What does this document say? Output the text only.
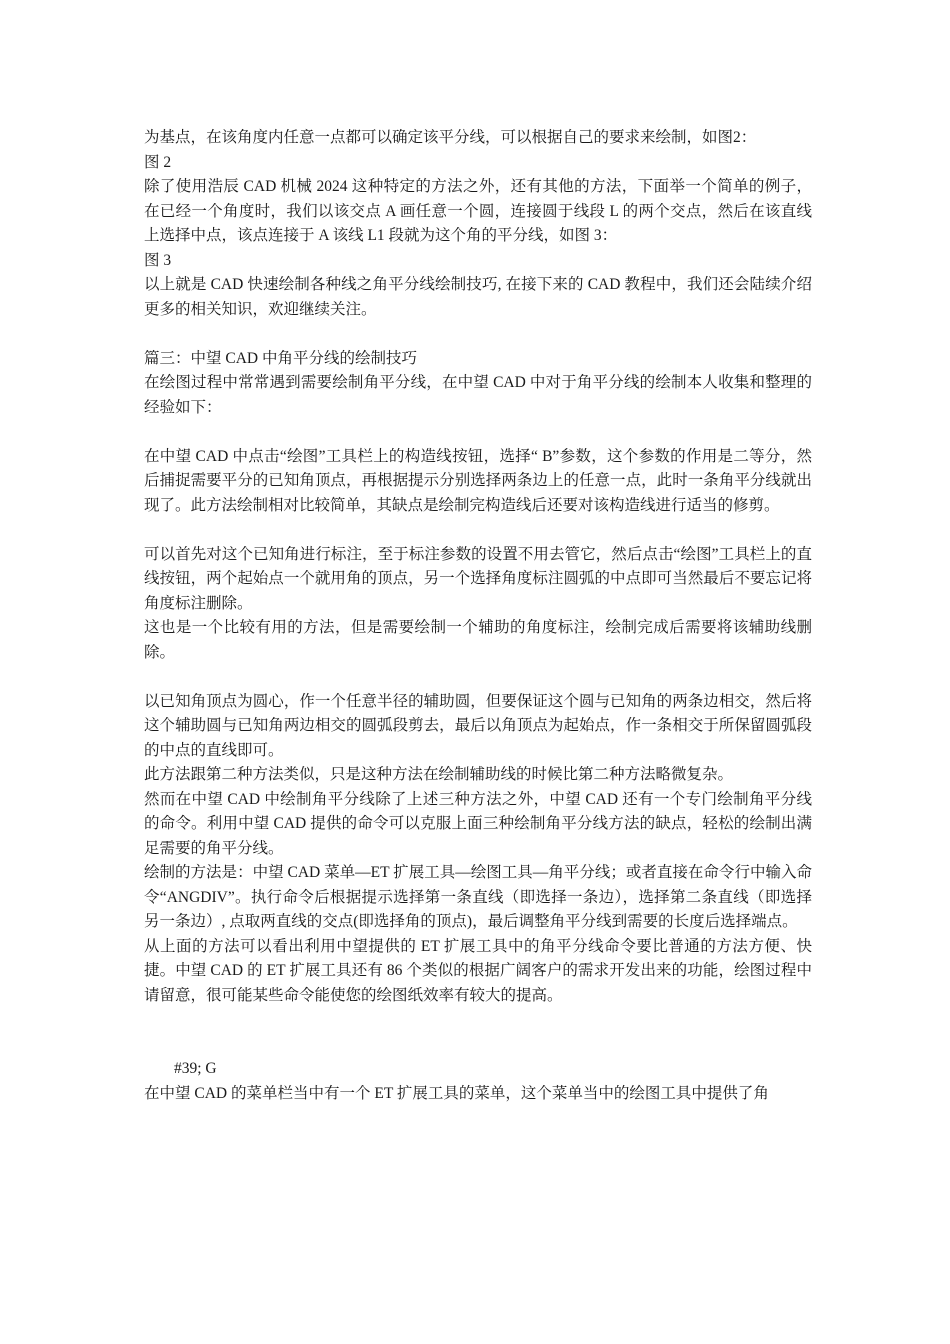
为基点，在该角度内任意一点都可以确定该平分线，可以根据自己的要求来绘制，如图2：

图 2

除了使用浩辰 CAD 机械 2024 这种特定的方法之外，还有其他的方法，下面举一个简单的例子，在已经一个角度时，我们以该交点 A 画任意一个圆，连接圆于线段 L 的两个交点，然后在该直线上选择中点，该点连接于 A 该线 L1 段就为这个角的平分线，如图 3：

图 3

以上就是 CAD 快速绘制各种线之角平分线绘制技巧, 在接下来的 CAD 教程中，我们还会陆续介绍更多的相关知识，欢迎继续关注。

篇三：中望 CAD 中角平分线的绘制技巧

在绘图过程中常常遇到需要绘制角平分线，在中望 CAD 中对于角平分线的绘制本人收集和整理的经验如下：

在中望 CAD 中点击“绘图”工具栏上的构造线按钮，选择“ B”参数，这个参数的作用是二等分，然后捕捉需要平分的已知角顶点，再根据提示分别选择两条边上的任意一点，此时一条角平分线就出现了。此方法绘制相对比较简单，其缺点是绘制完构造线后还要对该构造线进行适当的修剪。

可以首先对这个已知角进行标注，至于标注参数的设置不用去管它，然后点击“绘图”工具栏上的直线按钮，两个起始点一个就用角的顶点，另一个选择角度标注圆弧的中点即可当然最后不要忘记将角度标注删除。

这也是一个比较有用的方法，但是需要绘制一个辅助的角度标注，绘制完成后需要将该辅助线删除。

以已知角顶点为圆心，作一个任意半径的辅助圆，但要保证这个圆与已知角的两条边相交，然后将这个辅助圆与已知角两边相交的圆弧段剪去，最后以角顶点为起始点，作一条相交于所保留圆弧段的中点的直线即可。

此方法跟第二种方法类似，只是这种方法在绘制辅助线的时候比第二种方法略微复杂。

然而在中望 CAD 中绘制角平分线除了上述三种方法之外，中望 CAD 还有一个专门绘制角平分线的命令。利用中望 CAD 提供的命令可以克服上面三种绘制角平分线方法的缺点，轻松的绘制出满足需要的角平分线。

绘制的方法是：中望 CAD 菜单—ET 扩展工具—绘图工具—角平分线；或者直接在命令行中输入命令“ANGDIV”。执行命令后根据提示选择第一条直线（即选择一条边），选择第二条直线（即选择另一条边）, 点取两直线的交点(即选择角的顶点)，最后调整角平分线到需要的长度后选择端点。

从上面的方法可以看出利用中望提供的 ET 扩展工具中的角平分线命令要比普通的方法方便、快捷。中望 CAD 的 ET 扩展工具还有 86 个类似的根据广阔客户的需求开发出来的功能，绘图过程中请留意，很可能某些命令能使您的绘图纸效率有较大的提高。

#39; G

在中望 CAD 的菜单栏当中有一个 ET 扩展工具的菜单，这个菜单当中的绘图工具中提供了角
